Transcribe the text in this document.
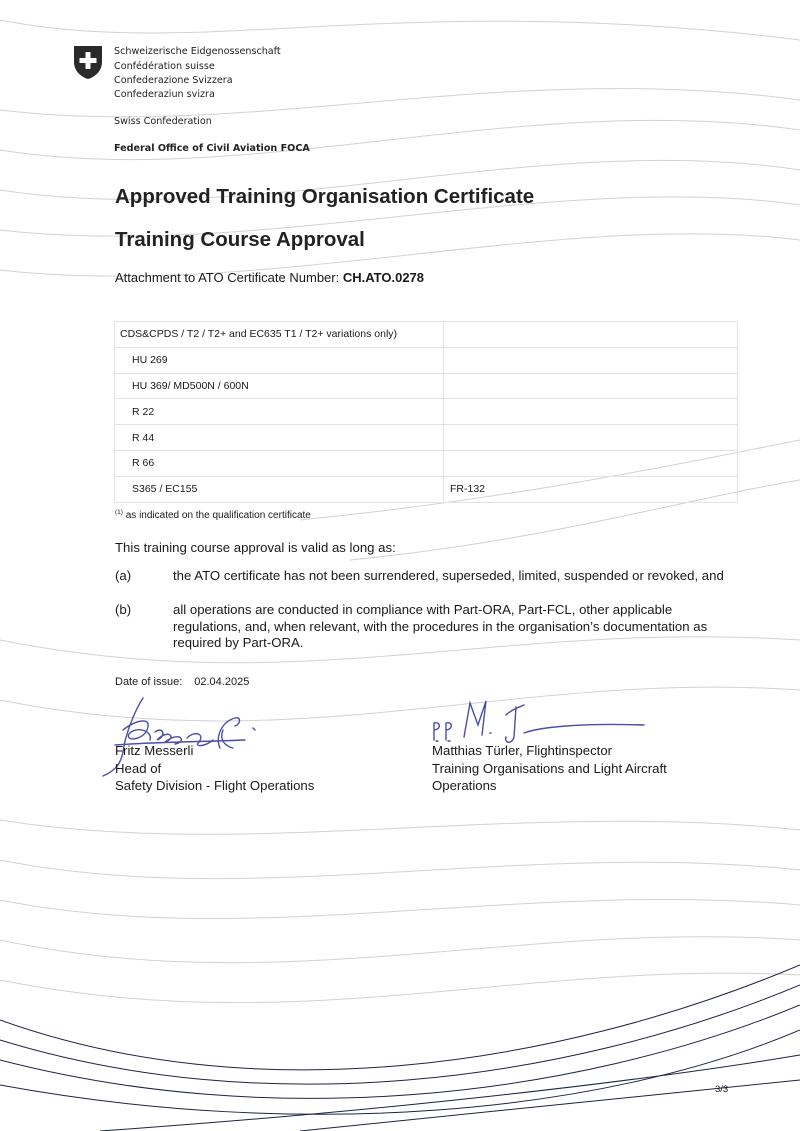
Schweizerische Eidgenossenschaft
Confédération suisse
Confederazione Svizzera
Confederaziun svizra
Swiss Confederation
Federal Office of Civil Aviation FOCA
Approved Training Organisation Certificate
Training Course Approval
Attachment to ATO Certificate Number: CH.ATO.0278
CDS&CPDS / T2 / T2+ and EC635 T1 / T2+ variations only)	
HU 269	
HU 369/ MD500N / 600N	
R 22	
R 44	
R 66	
S365 / EC155	FR-132
$^{(1)}$ as indicated on the qualification certificate
This training course approval is valid as long as:
(a)	the ATO certificate has not been surrendered, superseded, limited, suspended or revoked, and
(b)	all operations are conducted in compliance with Part-ORA, Part-FCL, other applicable regulations, and, when relevant, with the procedures in the organisation’s documentation as required by Part-ORA.
Date of issue: 02.04.2025
Fritz Messerli
Head of
Safety Division - Flight Operations
Matthias Türler, Flightinspector
Training Organisations and Light Aircraft
Operations
3/3
